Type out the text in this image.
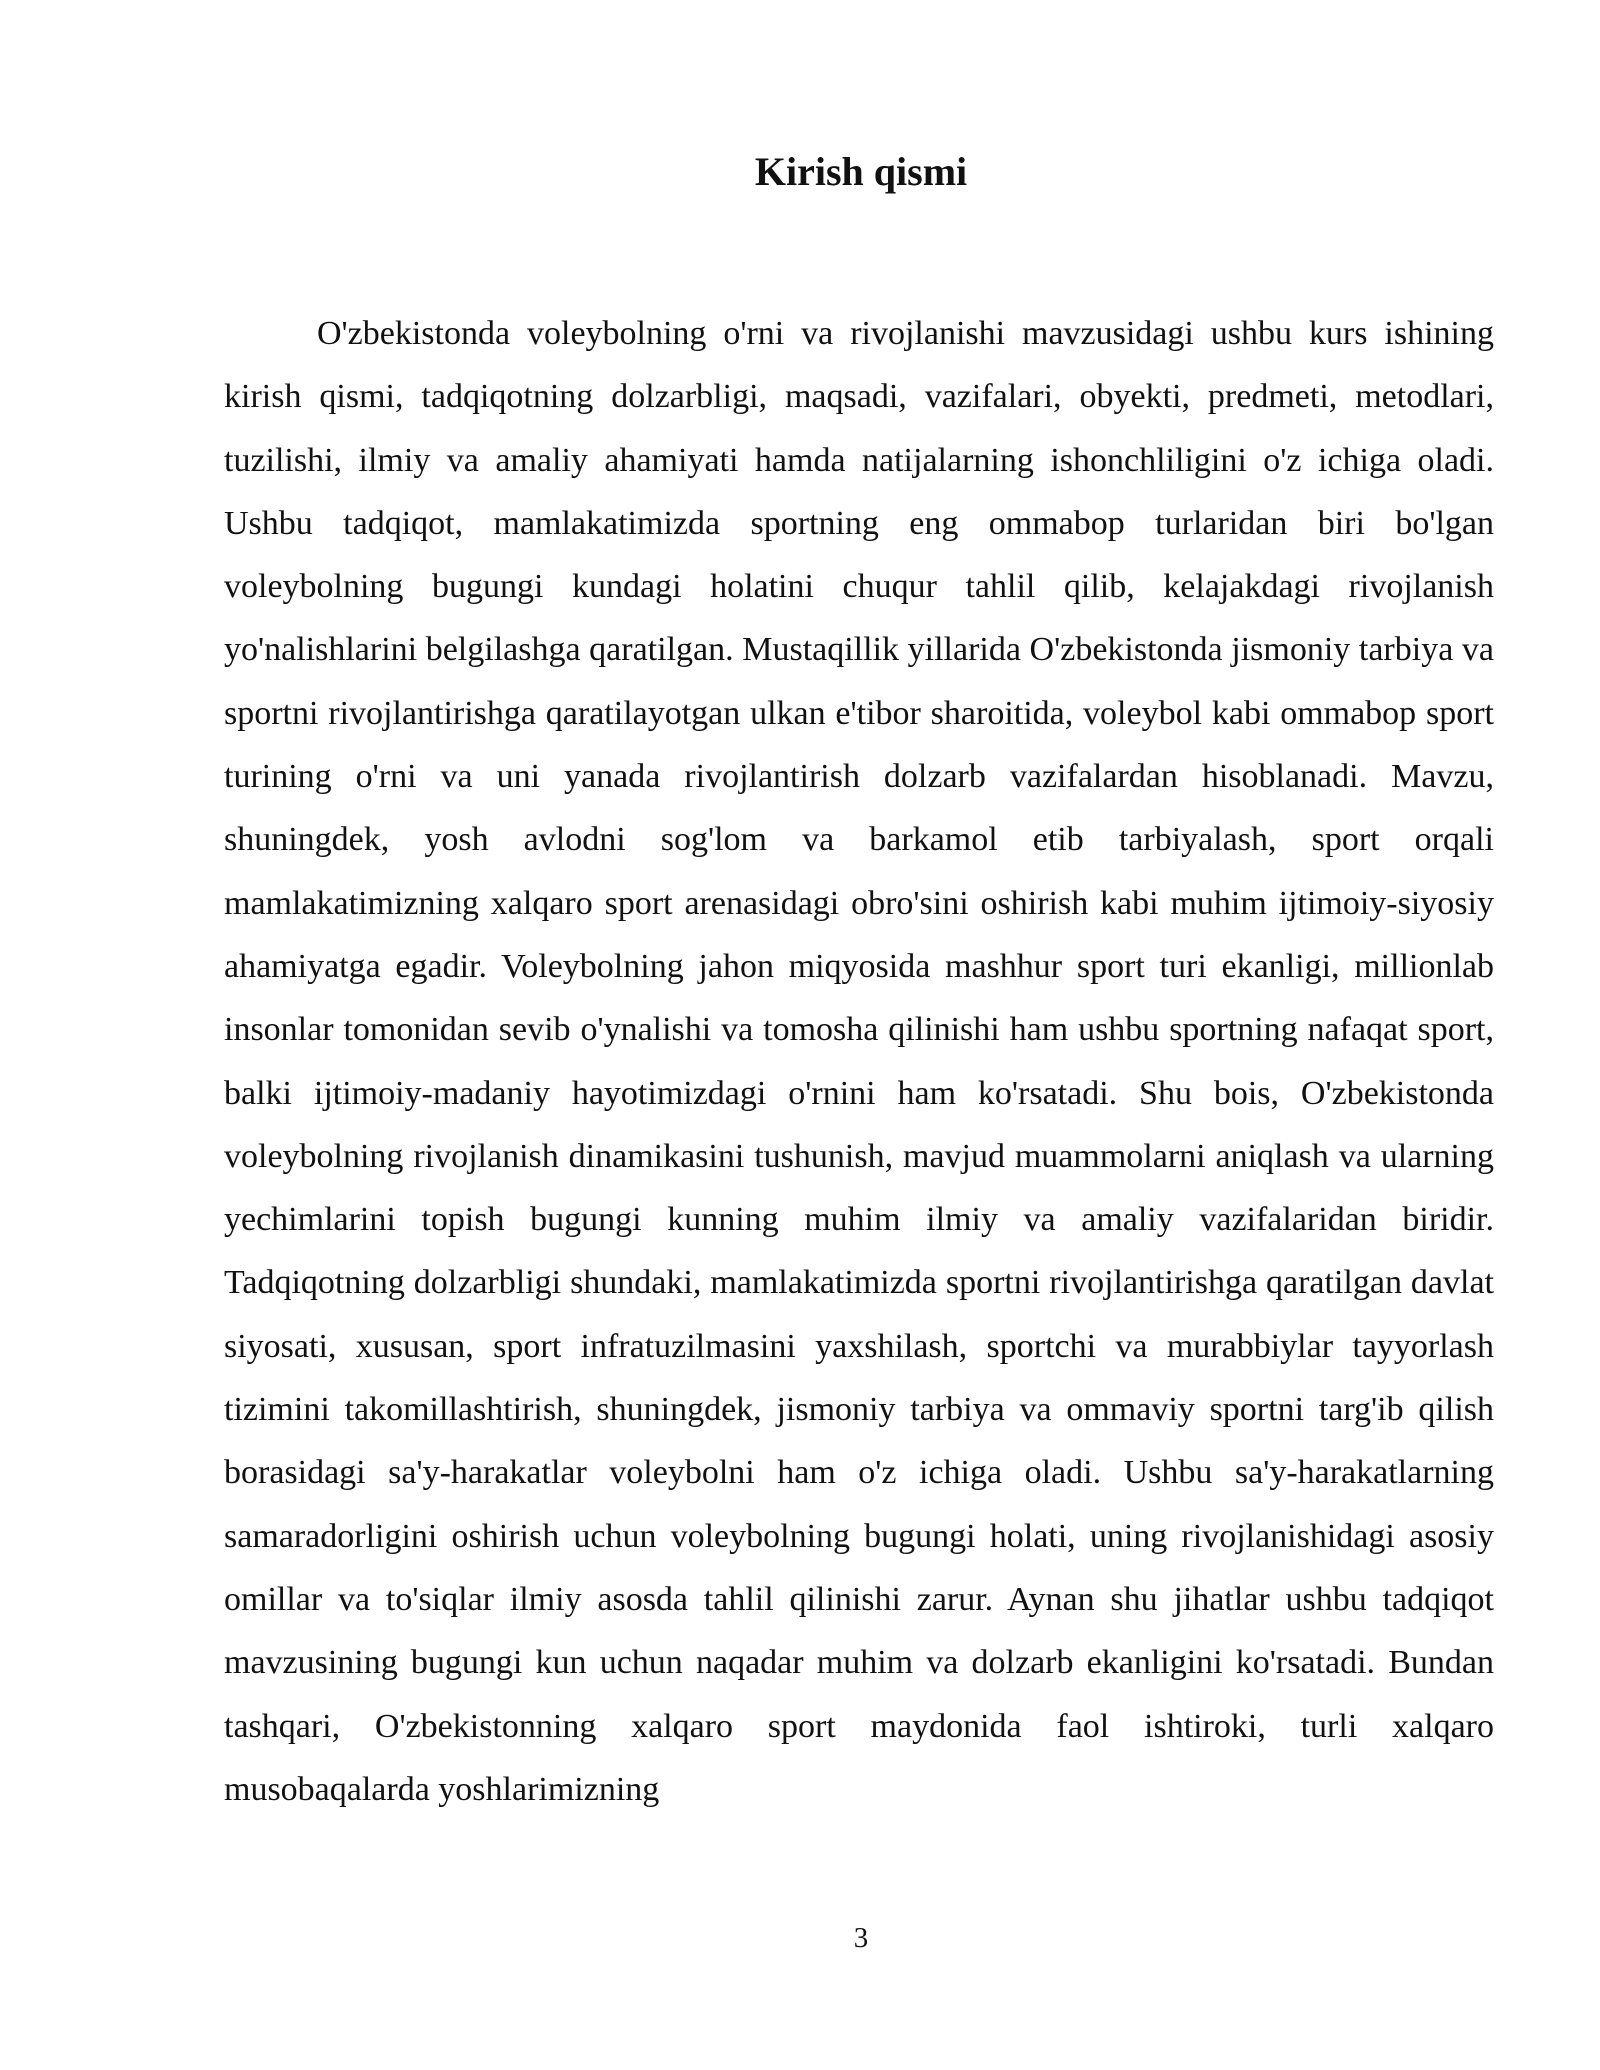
Kirish qismi

O'zbekistonda voleybolning o'rni va rivojlanishi mavzusidagi ushbu kurs ishining kirish qismi, tadqiqotning dolzarbligi, maqsadi, vazifalari, obyekti, predmeti, metodlari, tuzilishi, ilmiy va amaliy ahamiyati hamda natijalarning ishonchliligini o'z ichiga oladi. Ushbu tadqiqot, mamlakatimizda sportning eng ommabop turlaridan biri bo'lgan voleybolning bugungi kundagi holatini chuqur tahlil qilib, kelajakdagi rivojlanish yo'nalishlarini belgilashga qaratilgan. Mustaqillik yillarida O'zbekistonda jismoniy tarbiya va sportni rivojlantirishga qaratilayotgan ulkan e'tibor sharoitida, voleybol kabi ommabop sport turining o'rni va uni yanada rivojlantirish dolzarb vazifalardan hisoblanadi. Mavzu, shuningdek, yosh avlodni sog'lom va barkamol etib tarbiyalash, sport orqali mamlakatimizning xalqaro sport arenasidagi obro'sini oshirish kabi muhim ijtimoiy-siyosiy ahamiyatga egadir. Voleybolning jahon miqyosida mashhur sport turi ekanligi, millionlab insonlar tomonidan sevib o'ynalishi va tomosha qilinishi ham ushbu sportning nafaqat sport, balki ijtimoiy-madaniy hayotimizdagi o'rnini ham ko'rsatadi. Shu bois, O'zbekistonda voleybolning rivojlanish dinamikasini tushunish, mavjud muammolarni aniqlash va ularning yechimlarini topish bugungi kunning muhim ilmiy va amaliy vazifalaridan biridir. Tadqiqotning dolzarbligi shundaki, mamlakatimizda sportni rivojlantirishga qaratilgan davlat siyosati, xususan, sport infratuzilmasini yaxshilash, sportchi va murabbiylar tayyorlash tizimini takomillashtirish, shuningdek, jismoniy tarbiya va ommaviy sportni targ'ib qilish borasidagi sa'y-harakatlar voleybolni ham o'z ichiga oladi. Ushbu sa'y-harakatlarning samaradorligini oshirish uchun voleybolning bugungi holati, uning rivojlanishidagi asosiy omillar va to'siqlar ilmiy asosda tahlil qilinishi zarur. Aynan shu jihatlar ushbu tadqiqot mavzusining bugungi kun uchun naqadar muhim va dolzarb ekanligini ko'rsatadi. Bundan tashqari, O'zbekistonning xalqaro sport maydonida faol ishtiroki, turli xalqaro musobaqalarda yoshlarimizning

3
